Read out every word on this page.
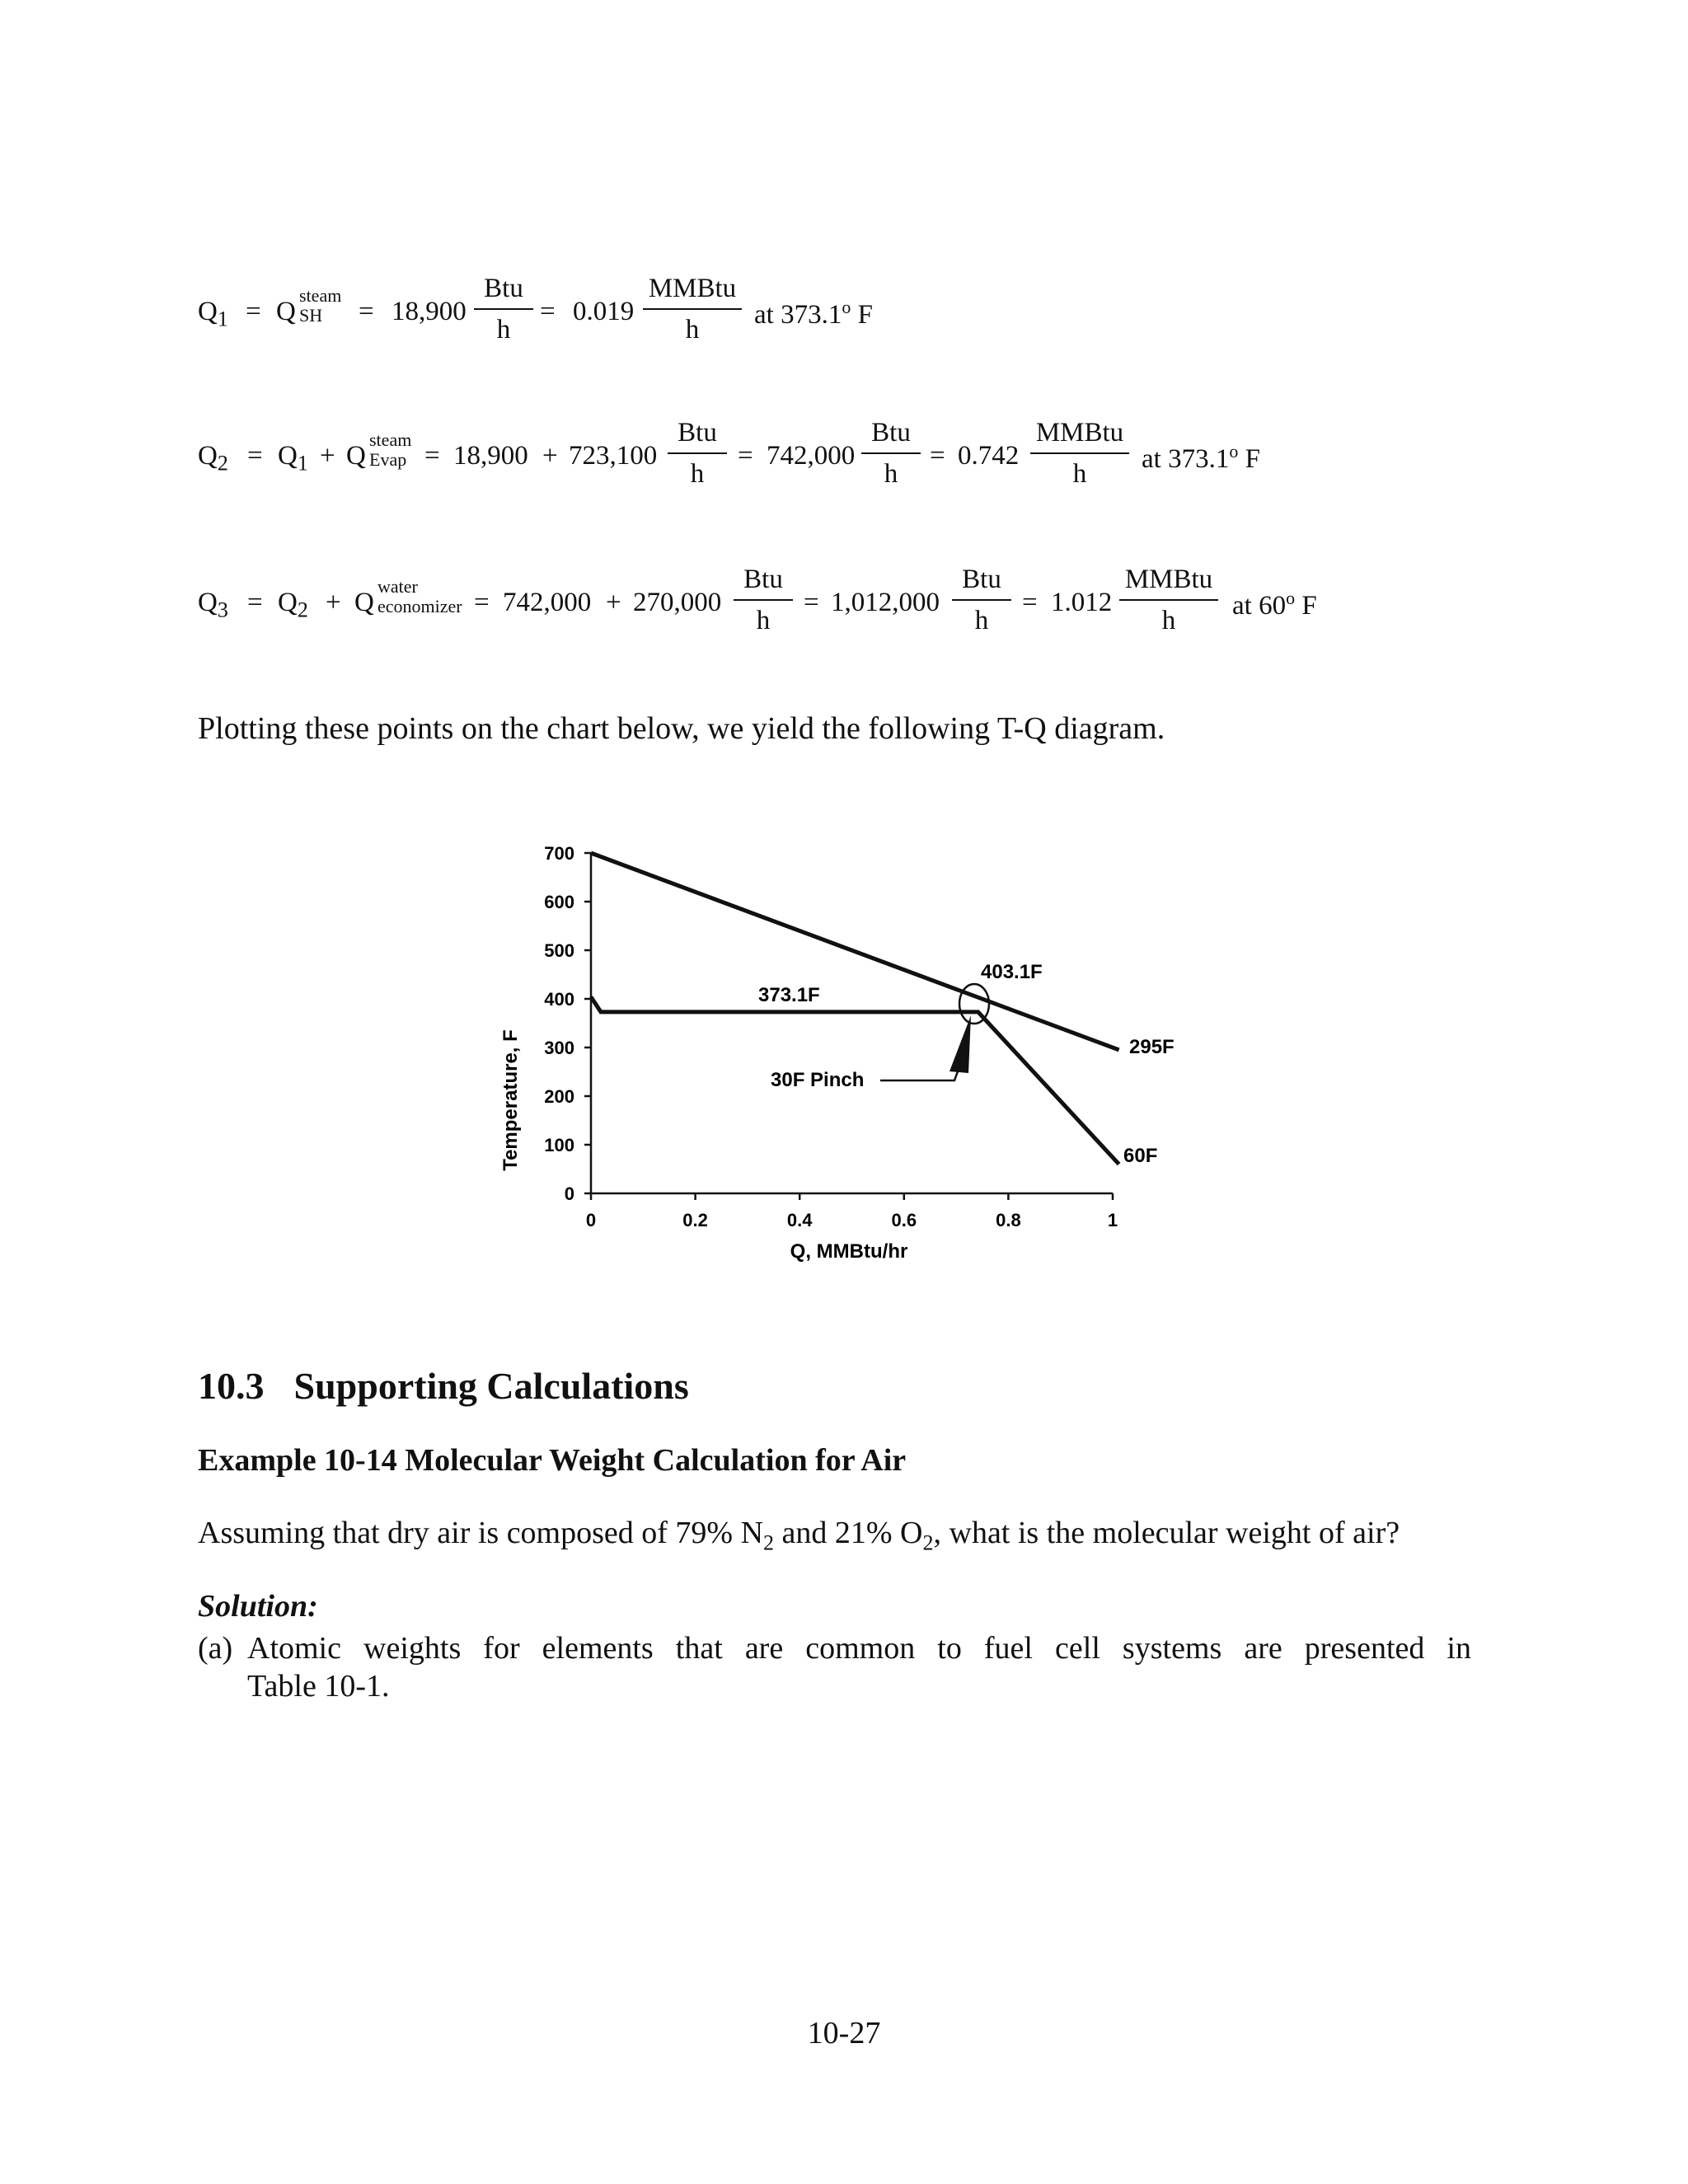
$Q_1 = Q$
steam
SH = 18,900
Btu
h
= 0.019
MMBtu
h	at 373.1$^o$ F
$Q_2 = Q_1 + Q$
steam
Evap = 18,900 + 723,100
Btu
h
= 742,000
Btu
h
= 0.742
MMBtu
h	at 373.1$^o$ F
$Q_3 = Q_2 + Q$
water
economizer = 742,000 + 270,000
Btu
h
= 1,012,000
Btu
h
= 1.012
MMBtu
h	at 60$^o$ F
Plotting these points on the chart below, we yield the following T-Q diagram.
0
100
200
300
400
500
600
700
0	0.2	0.4	0.6	0.8	1
373.1F
403.1F
295F
60F
30F Pinch
Temperature, F
Q, MMBtu/hr
10.3 Supporting Calculations
Example 10-14 Molecular Weight Calculation for Air
Assuming that dry air is composed of 79% $N_2$ and 21% $O_2$, what is the molecular weight of air?
Solution:
(a) Atomic weights for elements that are common to fuel cell systems are presented in
Table 10-1.
10-27
